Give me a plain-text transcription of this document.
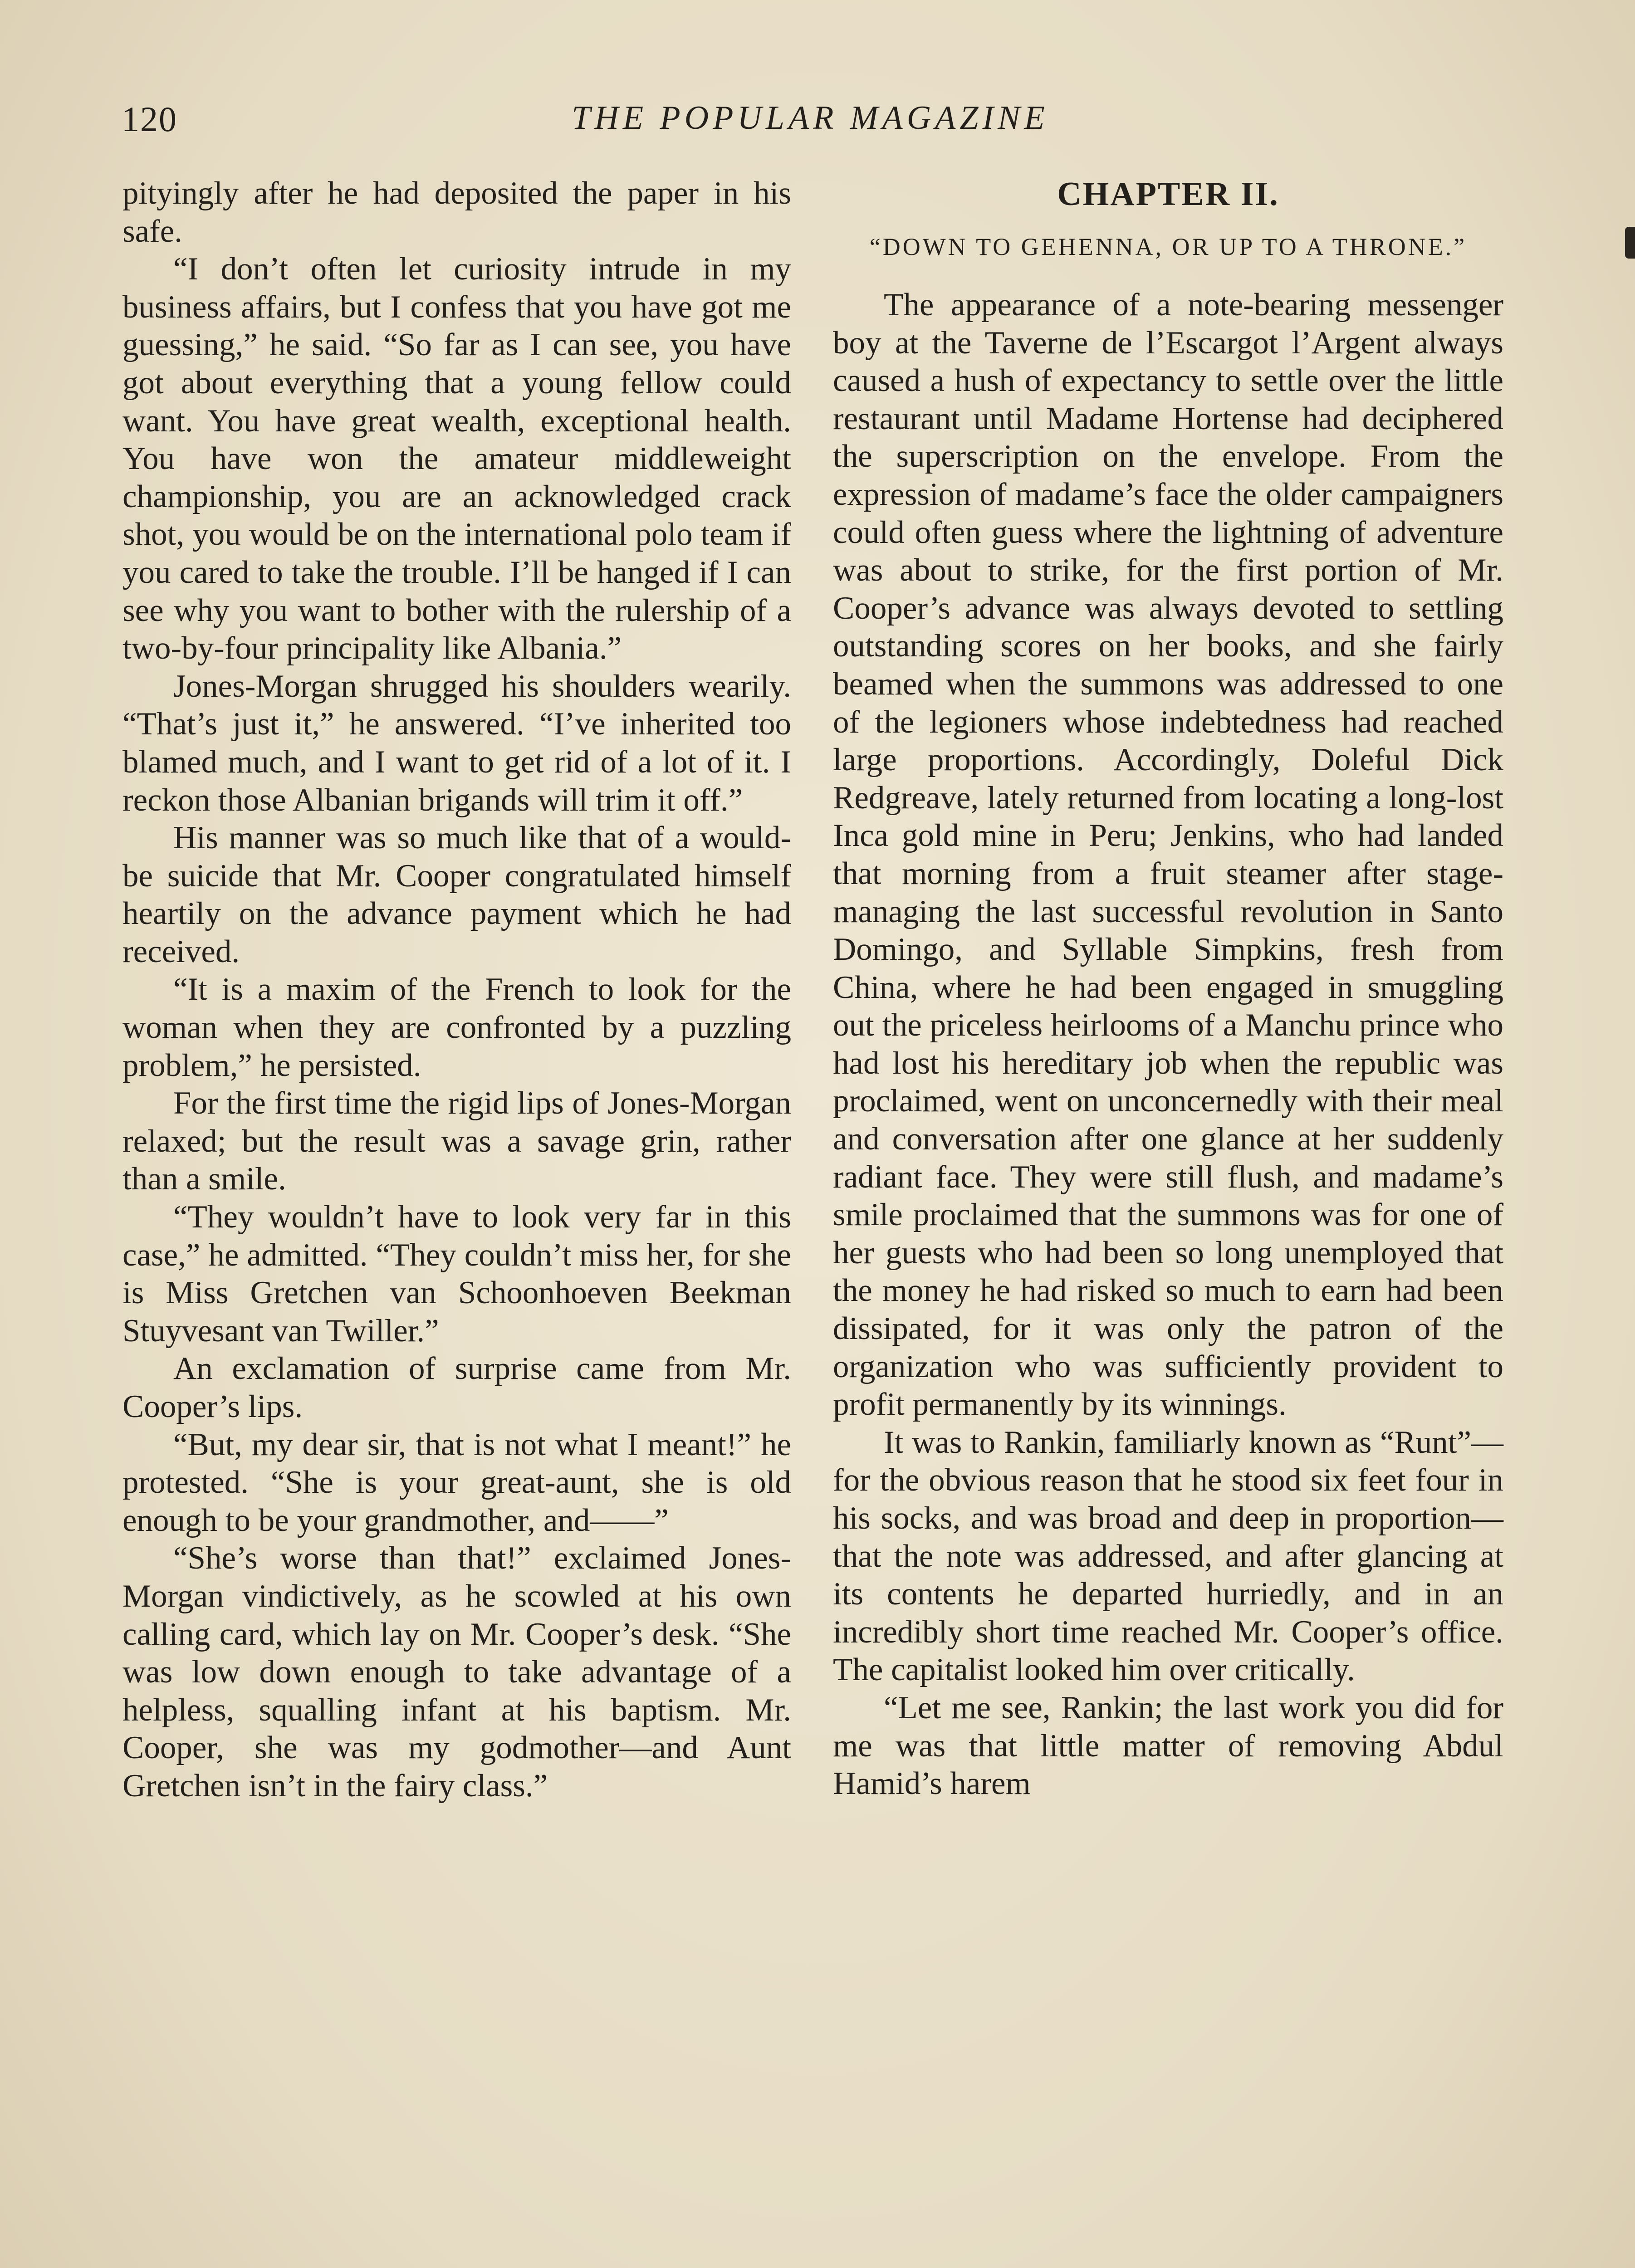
120	THE POPULAR MAGAZINE

pityingly after he had deposited the paper in his safe.

“I don’t often let curiosity intrude in my business affairs, but I confess that you have got me guessing,” he said. “So far as I can see, you have got about everything that a young fellow could want. You have great wealth, exceptional health. You have won the amateur middleweight championship, you are an acknowledged crack shot, you would be on the international polo team if you cared to take the trouble. I’ll be hanged if I can see why you want to bother with the rulership of a two-by-four principality like Albania.”

Jones-Morgan shrugged his shoulders wearily. “That’s just it,” he answered. “I’ve inherited too blamed much, and I want to get rid of a lot of it. I reckon those Albanian brigands will trim it off.”

His manner was so much like that of a would-be suicide that Mr. Cooper congratulated himself heartily on the advance payment which he had received.

“It is a maxim of the French to look for the woman when they are confronted by a puzzling problem,” he persisted.

For the first time the rigid lips of Jones-Morgan relaxed; but the result was a savage grin, rather than a smile.

“They wouldn’t have to look very far in this case,” he admitted. “They couldn’t miss her, for she is Miss Gretchen van Schoonhoeven Beekman Stuyvesant van Twiller.”

An exclamation of surprise came from Mr. Cooper’s lips.

“But, my dear sir, that is not what I meant!” he protested. “She is your great-aunt, she is old enough to be your grandmother, and——”

“She’s worse than that!” exclaimed Jones-Morgan vindictively, as he scowled at his own calling card, which lay on Mr. Cooper’s desk. “She was low down enough to take advantage of a helpless, squalling infant at his baptism. Mr. Cooper, she was my godmother—and Aunt Gretchen isn’t in the fairy class.”

CHAPTER II.
“DOWN TO GEHENNA, OR UP TO A THRONE.”

The appearance of a note-bearing messenger boy at the Taverne de l’Escargot l’Argent always caused a hush of expectancy to settle over the little restaurant until Madame Hortense had deciphered the superscription on the envelope. From the expression of madame’s face the older campaigners could often guess where the lightning of adventure was about to strike, for the first portion of Mr. Cooper’s advance was always devoted to settling outstanding scores on her books, and she fairly beamed when the summons was addressed to one of the legioners whose indebtedness had reached large proportions. Accordingly, Doleful Dick Redgreave, lately returned from locating a long-lost Inca gold mine in Peru; Jenkins, who had landed that morning from a fruit steamer after stage-managing the last successful revolution in Santo Domingo, and Syllable Simpkins, fresh from China, where he had been engaged in smuggling out the priceless heirlooms of a Manchu prince who had lost his hereditary job when the republic was proclaimed, went on unconcernedly with their meal and conversation after one glance at her suddenly radiant face. They were still flush, and madame’s smile proclaimed that the summons was for one of her guests who had been so long unemployed that the money he had risked so much to earn had been dissipated, for it was only the patron of the organization who was sufficiently provident to profit permanently by its winnings.

It was to Rankin, familiarly known as “Runt”—for the obvious reason that he stood six feet four in his socks, and was broad and deep in proportion—that the note was addressed, and after glancing at its contents he departed hurriedly, and in an incredibly short time reached Mr. Cooper’s office. The capitalist looked him over critically.

“Let me see, Rankin; the last work you did for me was that little matter of removing Abdul Hamid’s harem
